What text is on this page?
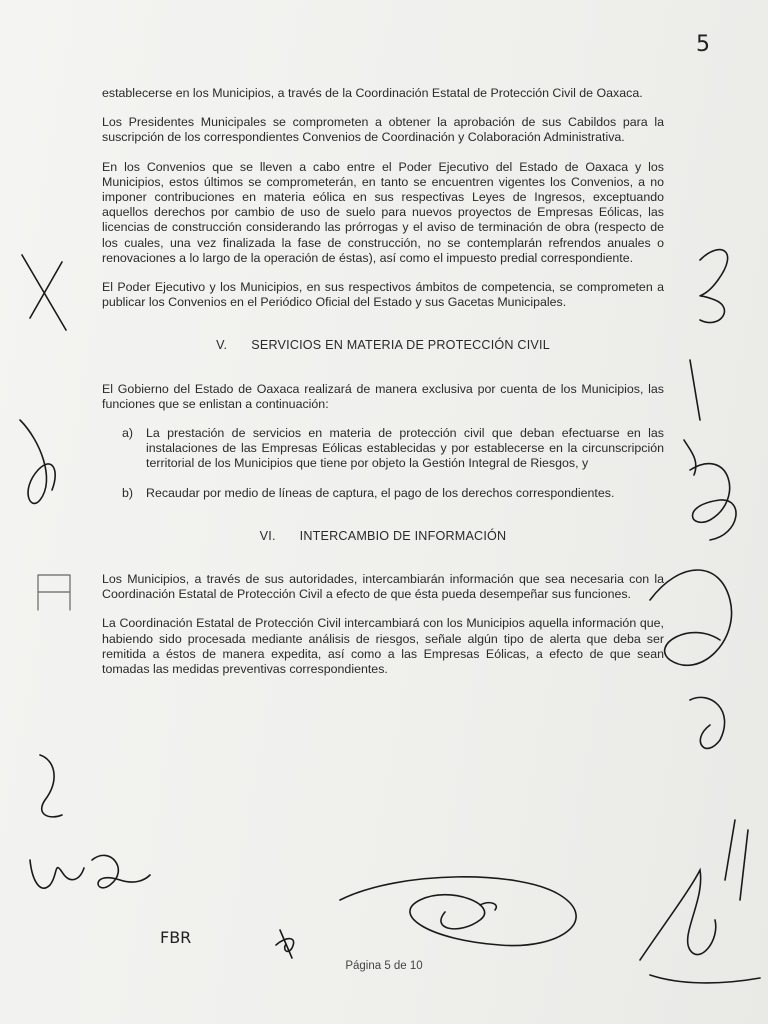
5

establecerse en los Municipios, a través de la Coordinación Estatal de Protección Civil de Oaxaca.

Los Presidentes Municipales se comprometen a obtener la aprobación de sus Cabildos para la suscripción de los correspondientes Convenios de Coordinación y Colaboración Administrativa.

En los Convenios que se lleven a cabo entre el Poder Ejecutivo del Estado de Oaxaca y los Municipios, estos últimos se comprometerán, en tanto se encuentren vigentes los Convenios, a no imponer contribuciones en materia eólica en sus respectivas Leyes de Ingresos, exceptuando aquellos derechos por cambio de uso de suelo para nuevos proyectos de Empresas Eólicas, las licencias de construcción considerando las prórrogas y el aviso de terminación de obra (respecto de los cuales, una vez finalizada la fase de construcción, no se contemplarán refrendos anuales o renovaciones a lo largo de la operación de éstas), así como el impuesto predial correspondiente.

El Poder Ejecutivo y los Municipios, en sus respectivos ámbitos de competencia, se comprometen a publicar los Convenios en el Periódico Oficial del Estado y sus Gacetas Municipales.

V. SERVICIOS EN MATERIA DE PROTECCIÓN CIVIL

El Gobierno del Estado de Oaxaca realizará de manera exclusiva por cuenta de los Municipios, las funciones que se enlistan a continuación:

a)	La prestación de servicios en materia de protección civil que deban efectuarse en las instalaciones de las Empresas Eólicas establecidas y por establecerse en la circunscripción territorial de los Municipios que tiene por objeto la Gestión Integral de Riesgos, y
b)	Recaudar por medio de líneas de captura, el pago de los derechos correspondientes.
VI. INTERCAMBIO DE INFORMACIÓN

Los Municipios, a través de sus autoridades, intercambiarán información que sea necesaria con la Coordinación Estatal de Protección Civil a efecto de que ésta pueda desempeñar sus funciones.

La Coordinación Estatal de Protección Civil intercambiará con los Municipios aquella información que, habiendo sido procesada mediante análisis de riesgos, señale algún tipo de alerta que deba ser remitida a éstos de manera expedita, así como a las Empresas Eólicas, a efecto de que sean tomadas las medidas preventivas correspondientes.

FBR
Página 5 de 10
